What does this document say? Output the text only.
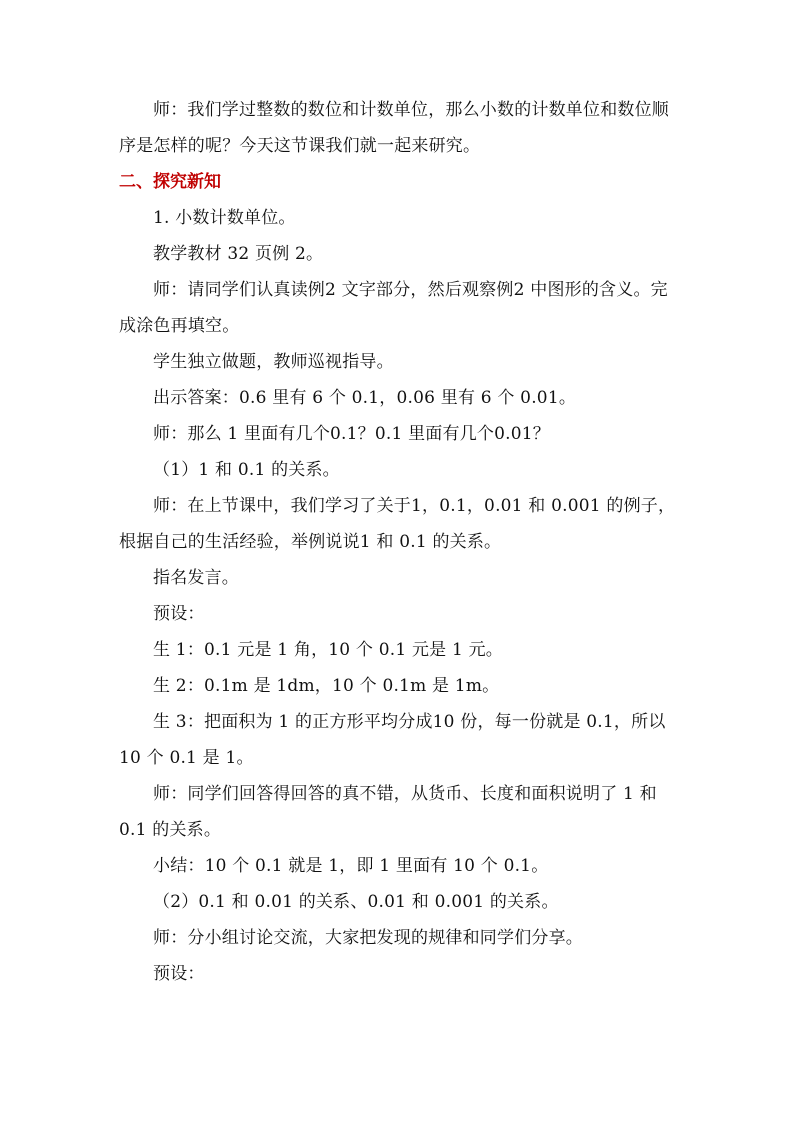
师：我们学过整数的数位和计数单位，那么小数的计数单位和数位顺序是怎样的呢？今天这节课我们就一起来研究。

二、探究新知

1. 小数计数单位。

教学教材 32 页例 2。

师：请同学们认真读例2 文字部分，然后观察例2 中图形的含义。完成涂色再填空。

学生独立做题，教师巡视指导。

出示答案：0.6 里有 6 个 0.1，0.06 里有 6 个 0.01。

师：那么 1 里面有几个0.1？0.1 里面有几个0.01？

（1）1 和 0.1 的关系。

师：在上节课中，我们学习了关于1，0.1，0.01 和 0.001 的例子，根据自己的生活经验，举例说说1 和 0.1 的关系。

指名发言。

预设：

生 1：0.1 元是 1 角，10 个 0.1 元是 1 元。

生 2：0.1m 是 1dm，10 个 0.1m 是 1m。

生 3：把面积为 1 的正方形平均分成10 份，每一份就是 0.1，所以 10 个 0.1 是 1。

师：同学们回答得回答的真不错，从货币、长度和面积说明了 1 和 0.1 的关系。

小结：10 个 0.1 就是 1，即 1 里面有 10 个 0.1。

（2）0.1 和 0.01 的关系、0.01 和 0.001 的关系。

师：分小组讨论交流，大家把发现的规律和同学们分享。

预设：
